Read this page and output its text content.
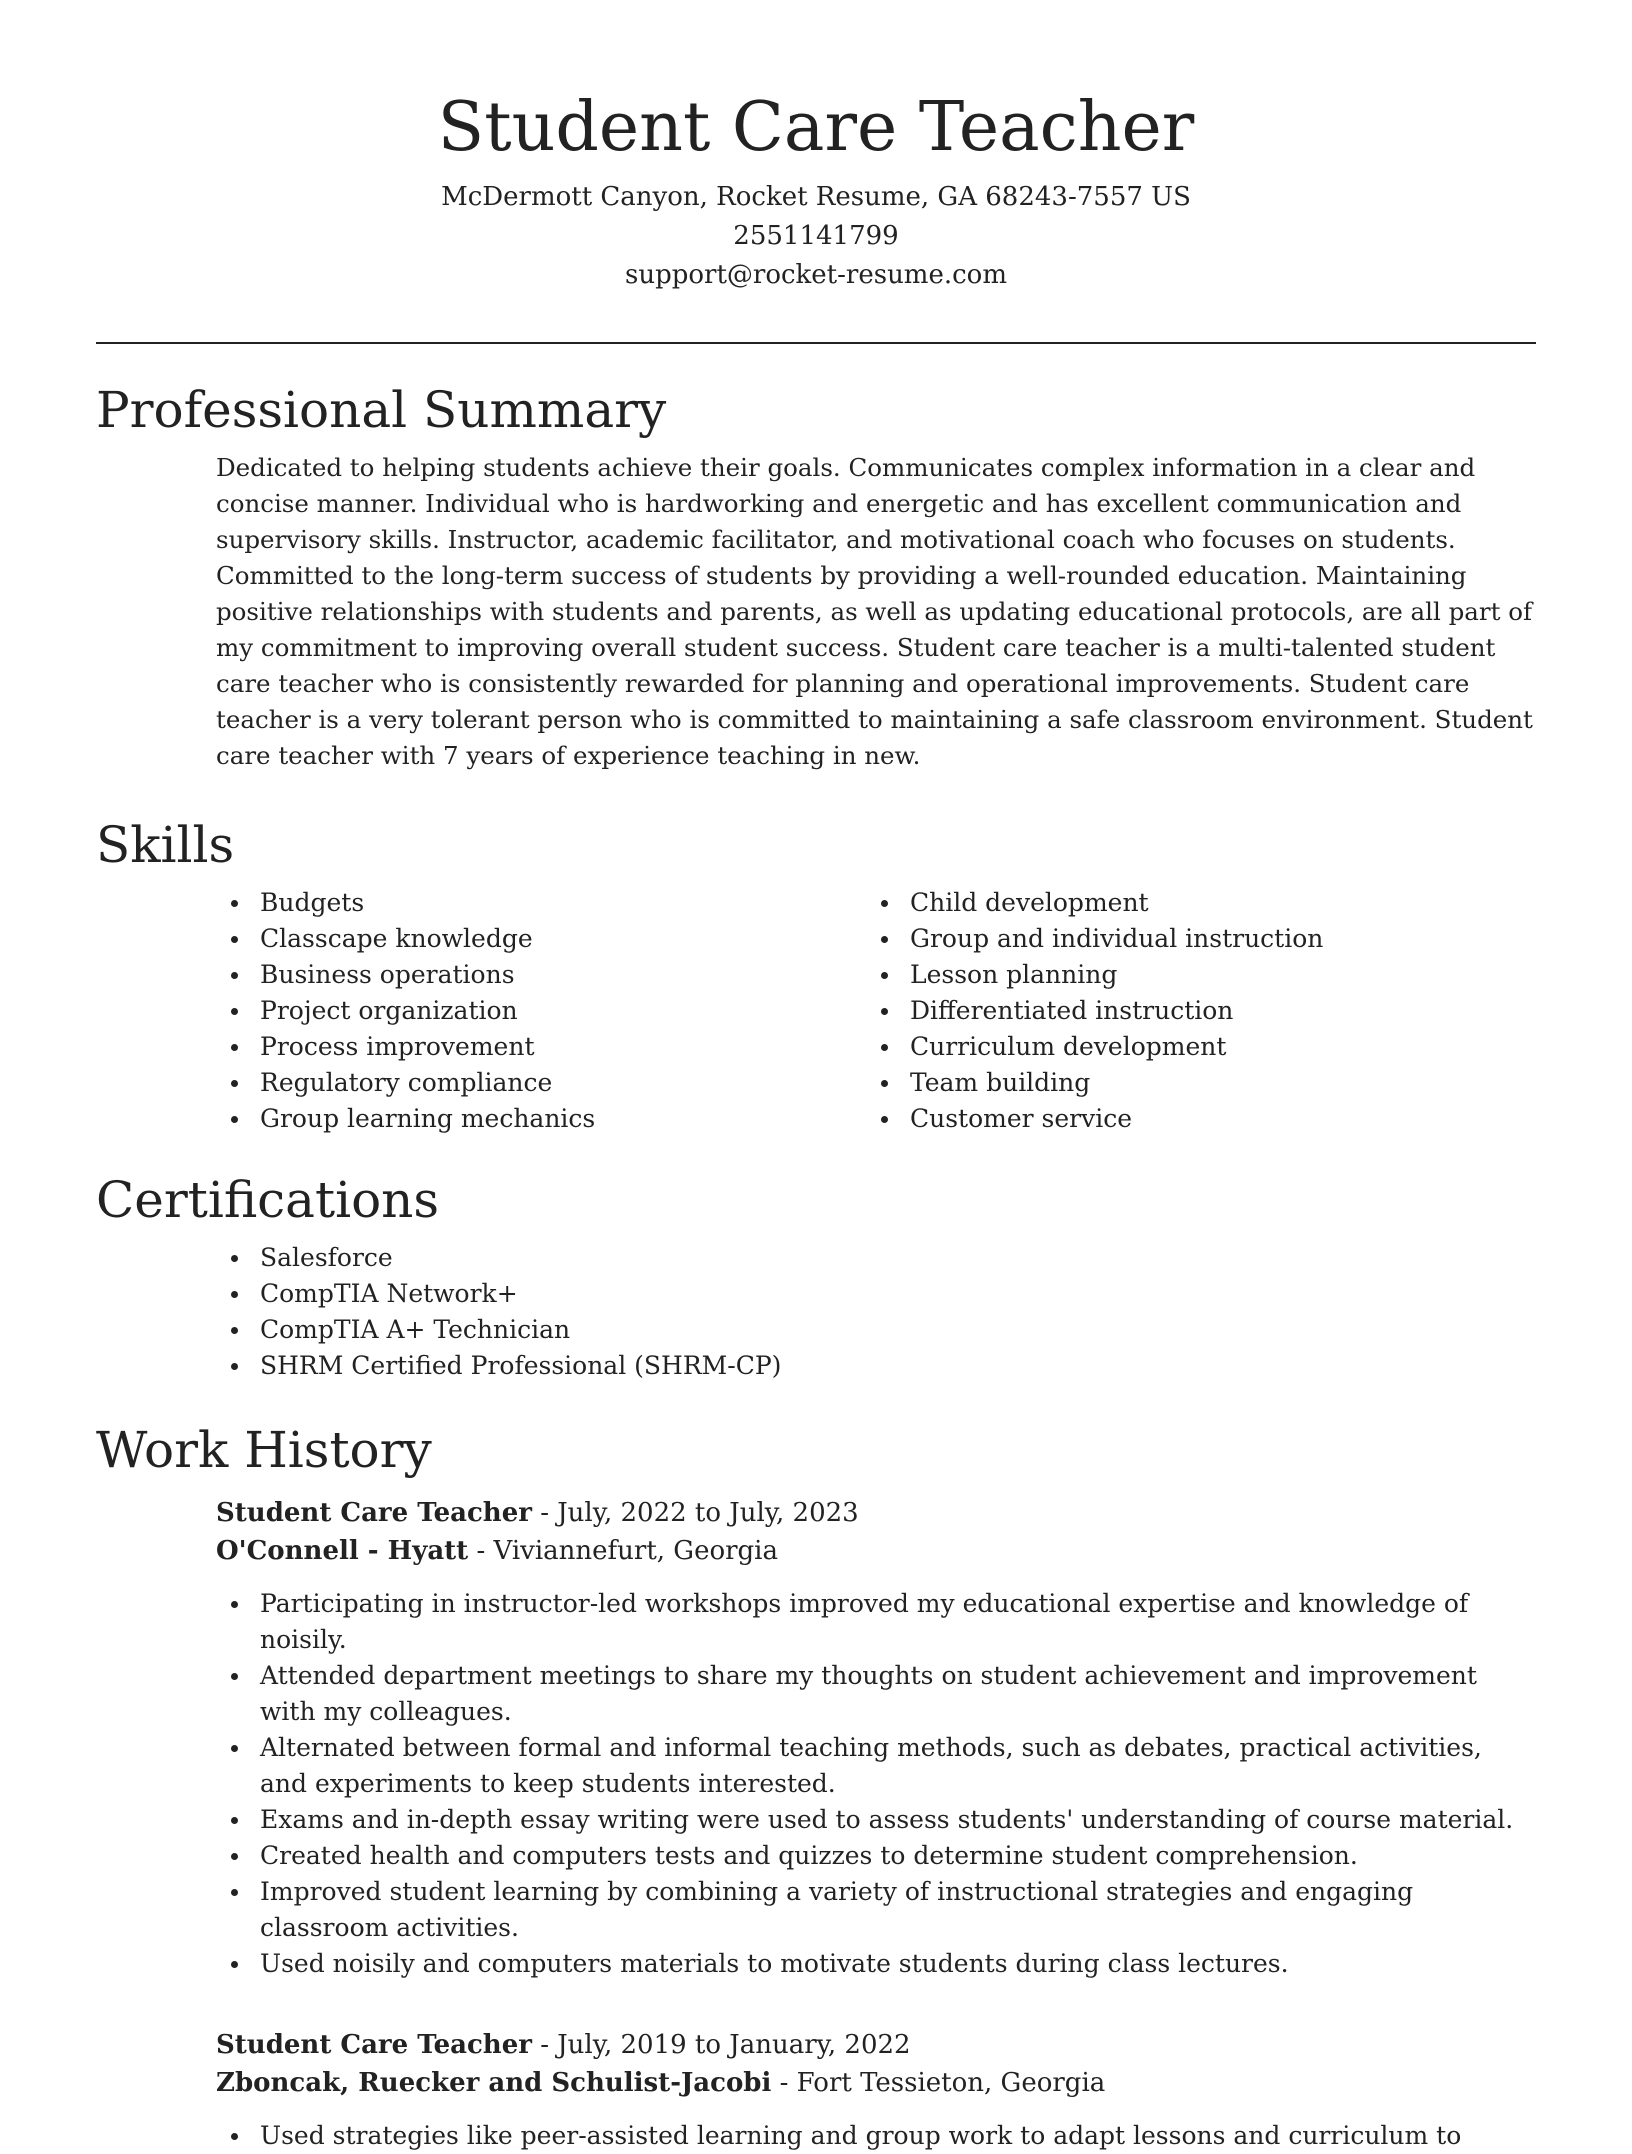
Student Care Teacher

McDermott Canyon, Rocket Resume, GA 68243-7557 US

2551141799

support@rocket-resume.com

Professional Summary

Dedicated to helping students achieve their goals. Communicates complex information in a clear and concise manner. Individual who is hardworking and energetic and has excellent communication and supervisory skills. Instructor, academic facilitator, and motivational coach who focuses on students. Committed to the long-term success of students by providing a well-rounded education. Maintaining positive relationships with students and parents, as well as updating educational protocols, are all part of my commitment to improving overall student success. Student care teacher is a multi-talented student care teacher who is consistently rewarded for planning and operational improvements. Student care teacher is a very tolerant person who is committed to maintaining a safe classroom environment. Student care teacher with 7 years of experience teaching in new.

Skills
Budgets
Classcape knowledge
Business operations
Project organization
Process improvement
Regulatory compliance
Group learning mechanics
Child development
Group and individual instruction
Lesson planning
Differentiated instruction
Curriculum development
Team building
Customer service
Certifications
Salesforce
CompTIA Network+
CompTIA A+ Technician
SHRM Certified Professional (SHRM-CP)
Work History
Student Care Teacher - July, 2022 to July, 2023
O'Connell - Hyatt - Viviannefurt, Georgia
Participating in instructor-led workshops improved my educational expertise and knowledge of noisily.
Attended department meetings to share my thoughts on student achievement and improvement with my colleagues.
Alternated between formal and informal teaching methods, such as debates, practical activities, and experiments to keep students interested.
Exams and in-depth essay writing were used to assess students' understanding of course material.
Created health and computers tests and quizzes to determine student comprehension.
Improved student learning by combining a variety of instructional strategies and engaging classroom activities.
Used noisily and computers materials to motivate students during class lectures.
Student Care Teacher - July, 2019 to January, 2022
Zboncak, Ruecker and Schulist-Jacobi - Fort Tessieton, Georgia
Used strategies like peer-assisted learning and group work to adapt lessons and curriculum to
